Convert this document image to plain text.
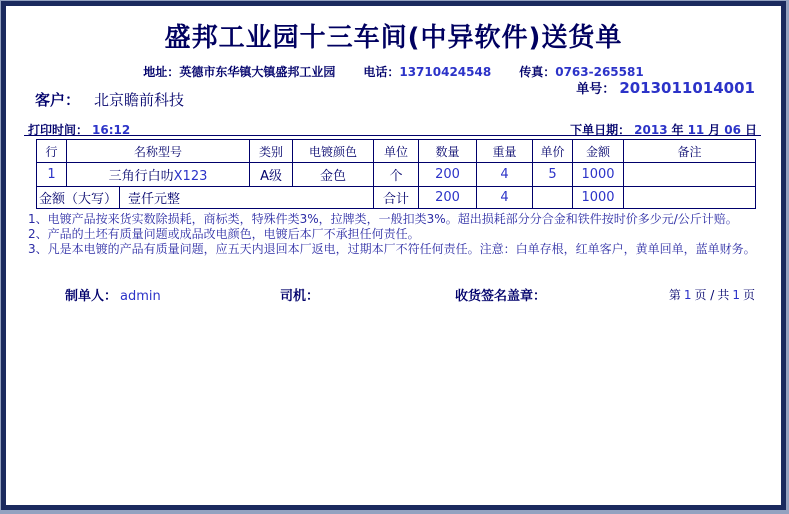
盛邦工业园十三车间(中异软件)送货单
地址：英德市东华镇大镇盛邦工业园 电话：13710424548 传真：0763-265581
单号： 2013011014001
客户： 北京瞻前科技
打印时间： 16:12	下单日期： 2013 年 11 月 06 日
行	名称型号		类别	电镀颜色	单位	数量	重量	单价	金额	备注
1	三角行白叻X123		A级	金色	个	200	4	5	1000	
金额（大写）		壹仟元整			合计	200	4		1000	
1、电镀产品按来货实数除损耗，商标类，特殊件类3%，拉牌类，一般扣类3%。超出损耗部分分合金和铁件按时价多少元/公斤计赔。
2、产品的土坯有质量问题或成品改电颜色，电镀后本厂不承担任何责任。
3、凡是本电镀的产品有质量问题，应五天内退回本厂返电，过期本厂不符任何责任。注意：白单存根，红单客户，黄单回单，蓝单财务。
制单人： admin	司机：	收货签名盖章：	第 1 页 / 共 1 页
